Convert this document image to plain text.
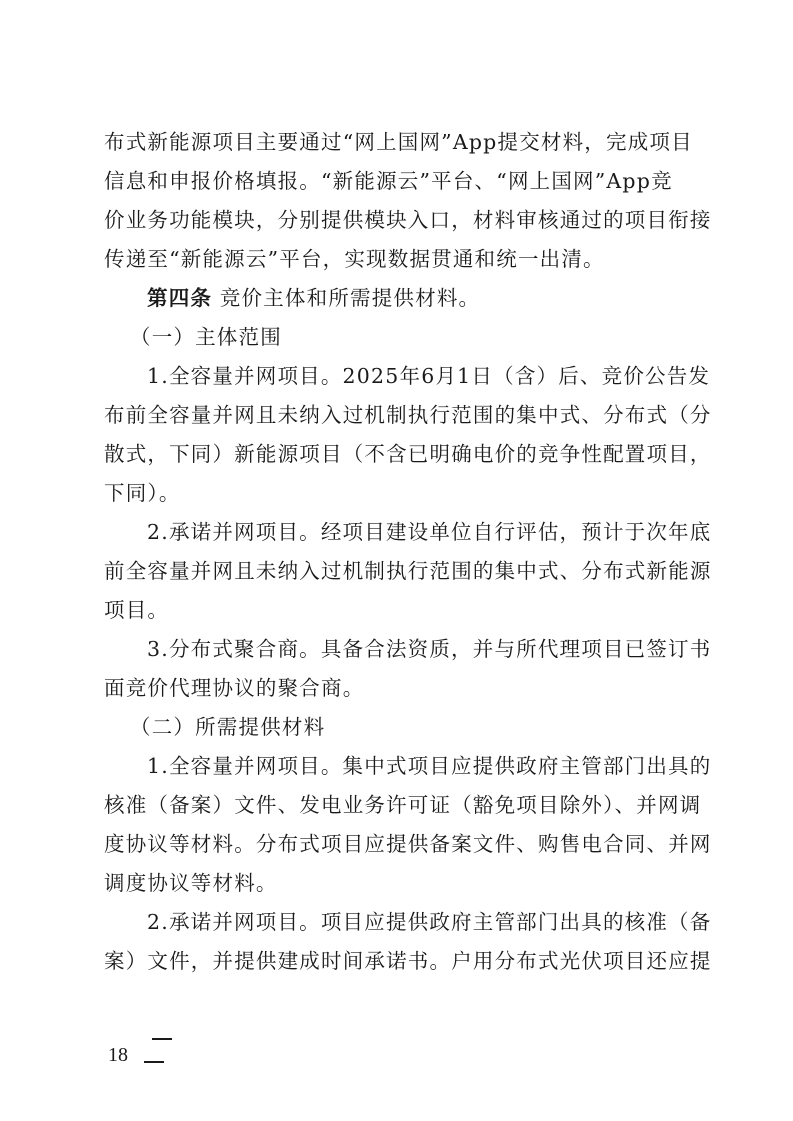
布式新能源项目主要通过“网上国网”App提交材料，完成项目
信息和申报价格填报。“新能源云”平台、“网上国网”App竞
价业务功能模块，分别提供模块入口，材料审核通过的项目衔接
传递至“新能源云”平台，实现数据贯通和统一出清。
第四条 竞价主体和所需提供材料。
（一）主体范围
1.全容量并网项目。2025年6月1日（含）后、竞价公告发
布前全容量并网且未纳入过机制执行范围的集中式、分布式（分
散式，下同）新能源项目（不含已明确电价的竞争性配置项目，
下同）。
2.承诺并网项目。经项目建设单位自行评估，预计于次年底
前全容量并网且未纳入过机制执行范围的集中式、分布式新能源
项目。
3.分布式聚合商。具备合法资质，并与所代理项目已签订书
面竞价代理协议的聚合商。
（二）所需提供材料
1.全容量并网项目。集中式项目应提供政府主管部门出具的
核准（备案）文件、发电业务许可证（豁免项目除外）、并网调
度协议等材料。分布式项目应提供备案文件、购售电合同、并网
调度协议等材料。
2.承诺并网项目。项目应提供政府主管部门出具的核准（备
案）文件，并提供建成时间承诺书。户用分布式光伏项目还应提
18
